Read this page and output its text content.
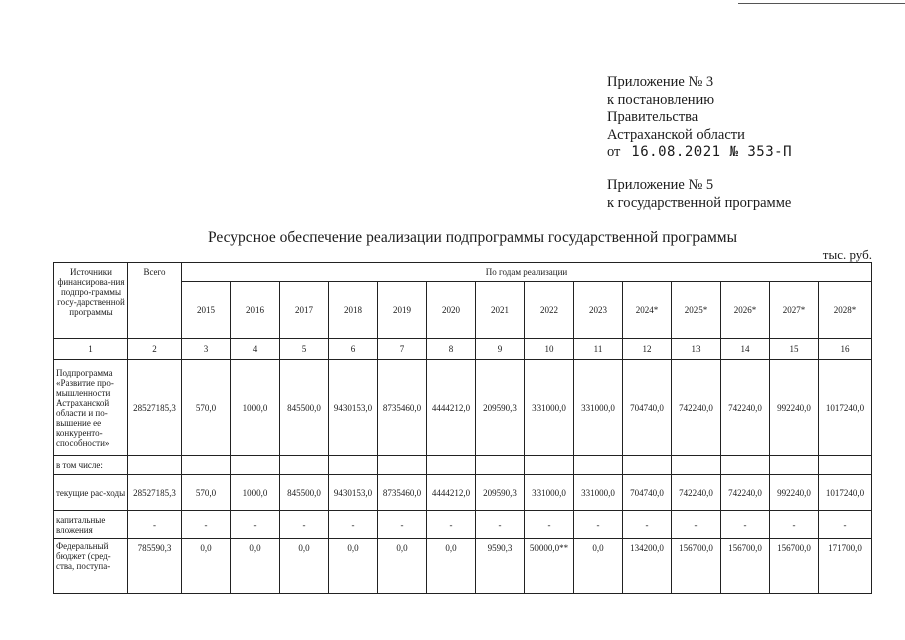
Приложение № 3
к постановлению
Правительства
Астраханской области
от 16.08.2021 № 353-П
Приложение № 5
к государственной программе
Ресурсное обеспечение реализации подпрограммы государственной программы
тыс. руб.
Источники финансирова-ния подпро-граммы госу-дарственной программы	Всего	По годам реализации													
		2015	2016	2017	2018	2019	2020	2021	2022	2023	2024*	2025*	2026*	2027*	2028*
1	2	3	4	5	6	7	8	9	10	11	12	13	14	15	16
Подпрограмма «Развитие про-мышленности Астраханской области и по-вышение ее конкуренто-способности»	28527185,3	570,0	1000,0	845500,0	9430153,0	8735460,0	4444212,0	209590,3	331000,0	331000,0	704740,0	742240,0	742240,0	992240,0	1017240,0
в том числе:															
текущие рас-ходы	28527185,3	570,0	1000,0	845500,0	9430153,0	8735460,0	4444212,0	209590,3	331000,0	331000,0	704740,0	742240,0	742240,0	992240,0	1017240,0
капитальные вложения	-	-	-	-	-	-	-	-	-	-	-	-	-	-	-
Федеральный бюджет (сред-ства, поступа-	785590,3	0,0	0,0	0,0	0,0	0,0	0,0	9590,3	50000,0**	0,0	134200,0	156700,0	156700,0	156700,0	171700,0
